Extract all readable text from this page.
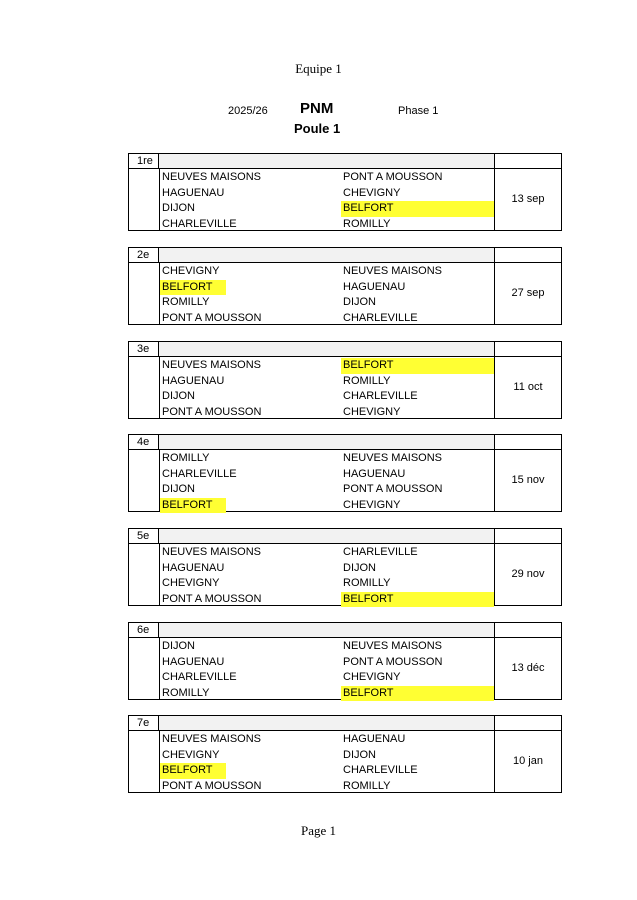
Equipe 1
2025/26 PNM	Phase 1
Poule 1
1re
NEUVES MAISONS	PONT A MOUSSON
HAGUENAU	CHEVIGNY
DIJON	BELFORT
CHARLEVILLE	ROMILLY
13 sep
2e
CHEVIGNY	NEUVES MAISONS
BELFORT	HAGUENAU
ROMILLY	DIJON
PONT A MOUSSON	CHARLEVILLE
27 sep
3e
NEUVES MAISONS	BELFORT
HAGUENAU	ROMILLY
DIJON	CHARLEVILLE
PONT A MOUSSON	CHEVIGNY
11 oct
4e
ROMILLY	NEUVES MAISONS
CHARLEVILLE	HAGUENAU
DIJON	PONT A MOUSSON
BELFORT	CHEVIGNY
15 nov
5e
NEUVES MAISONS	CHARLEVILLE
HAGUENAU	DIJON
CHEVIGNY	ROMILLY
PONT A MOUSSON	BELFORT
29 nov
6e
DIJON	NEUVES MAISONS
HAGUENAU	PONT A MOUSSON
CHARLEVILLE	CHEVIGNY
ROMILLY	BELFORT
13 déc
7e
NEUVES MAISONS	HAGUENAU
CHEVIGNY	DIJON
BELFORT	CHARLEVILLE
PONT A MOUSSON	ROMILLY
10 jan
Page 1
